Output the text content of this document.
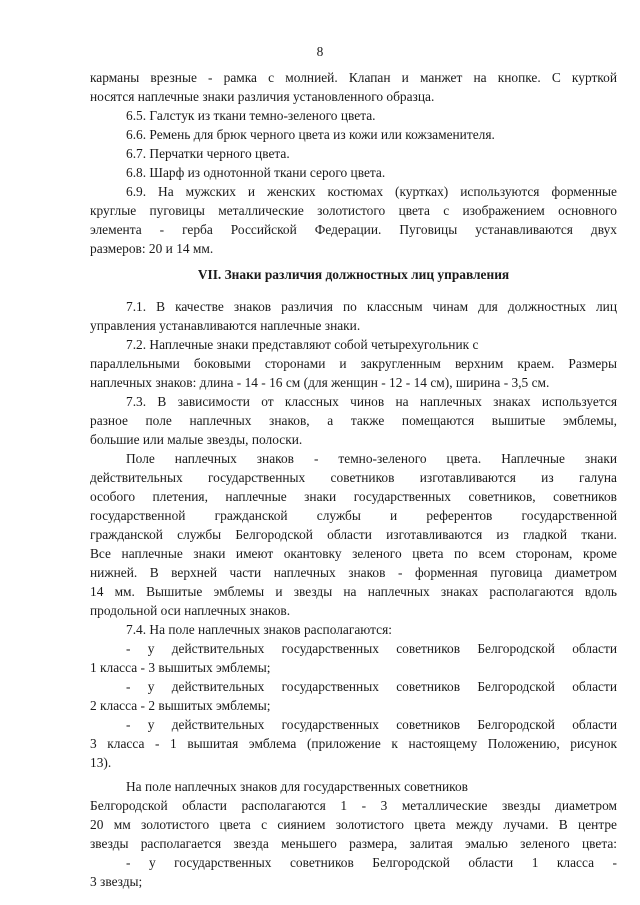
8
карманы врезные - рамка с молнией. Клапан и манжет на кнопке. С курткой
носятся наплечные знаки различия установленного образца.
6.5. Галстук из ткани темно-зеленого цвета.
6.6. Ремень для брюк черного цвета из кожи или кожзаменителя.
6.7. Перчатки черного цвета.
6.8. Шарф из однотонной ткани серого цвета.
6.9. На мужских и женских костюмах (куртках) используются форменные
круглые пуговицы металлические золотистого цвета с изображением основного
элемента - герба Российской Федерации. Пуговицы устанавливаются двух
размеров: 20 и 14 мм.
VII. Знаки различия должностных лиц управления
7.1. В качестве знаков различия по классным чинам для должностных лиц
управления устанавливаются наплечные знаки.
7.2. Наплечные знаки представляют собой четырехугольник с
параллельными боковыми сторонами и закругленным верхним краем. Размеры
наплечных знаков: длина - 14 - 16 см (для женщин - 12 - 14 см), ширина - 3,5 см.
7.3. В зависимости от классных чинов на наплечных знаках используется
разное поле наплечных знаков, а также помещаются вышитые эмблемы,
большие или малые звезды, полоски.
Поле наплечных знаков - темно-зеленого цвета. Наплечные знаки
действительных государственных советников изготавливаются из галуна
особого плетения, наплечные знаки государственных советников, советников
государственной гражданской службы и референтов государственной
гражданской службы Белгородской области изготавливаются из гладкой ткани.
Все наплечные знаки имеют окантовку зеленого цвета по всем сторонам, кроме
нижней. В верхней части наплечных знаков - форменная пуговица диаметром
14 мм. Вышитые эмблемы и звезды на наплечных знаках располагаются вдоль
продольной оси наплечных знаков.
7.4. На поле наплечных знаков располагаются:
- у действительных государственных советников Белгородской области
1 класса - 3 вышитых эмблемы;
- у действительных государственных советников Белгородской области
2 класса - 2 вышитых эмблемы;
- у действительных государственных советников Белгородской области
3 класса - 1 вышитая эмблема (приложение к настоящему Положению, рисунок
13).
На поле наплечных знаков для государственных советников
Белгородской области располагаются 1 - 3 металлические звезды диаметром
20 мм золотистого цвета с сиянием золотистого цвета между лучами. В центре
звезды располагается звезда меньшего размера, залитая эмалью зеленого цвета:
- у государственных советников Белгородской области 1 класса -
3 звезды;
